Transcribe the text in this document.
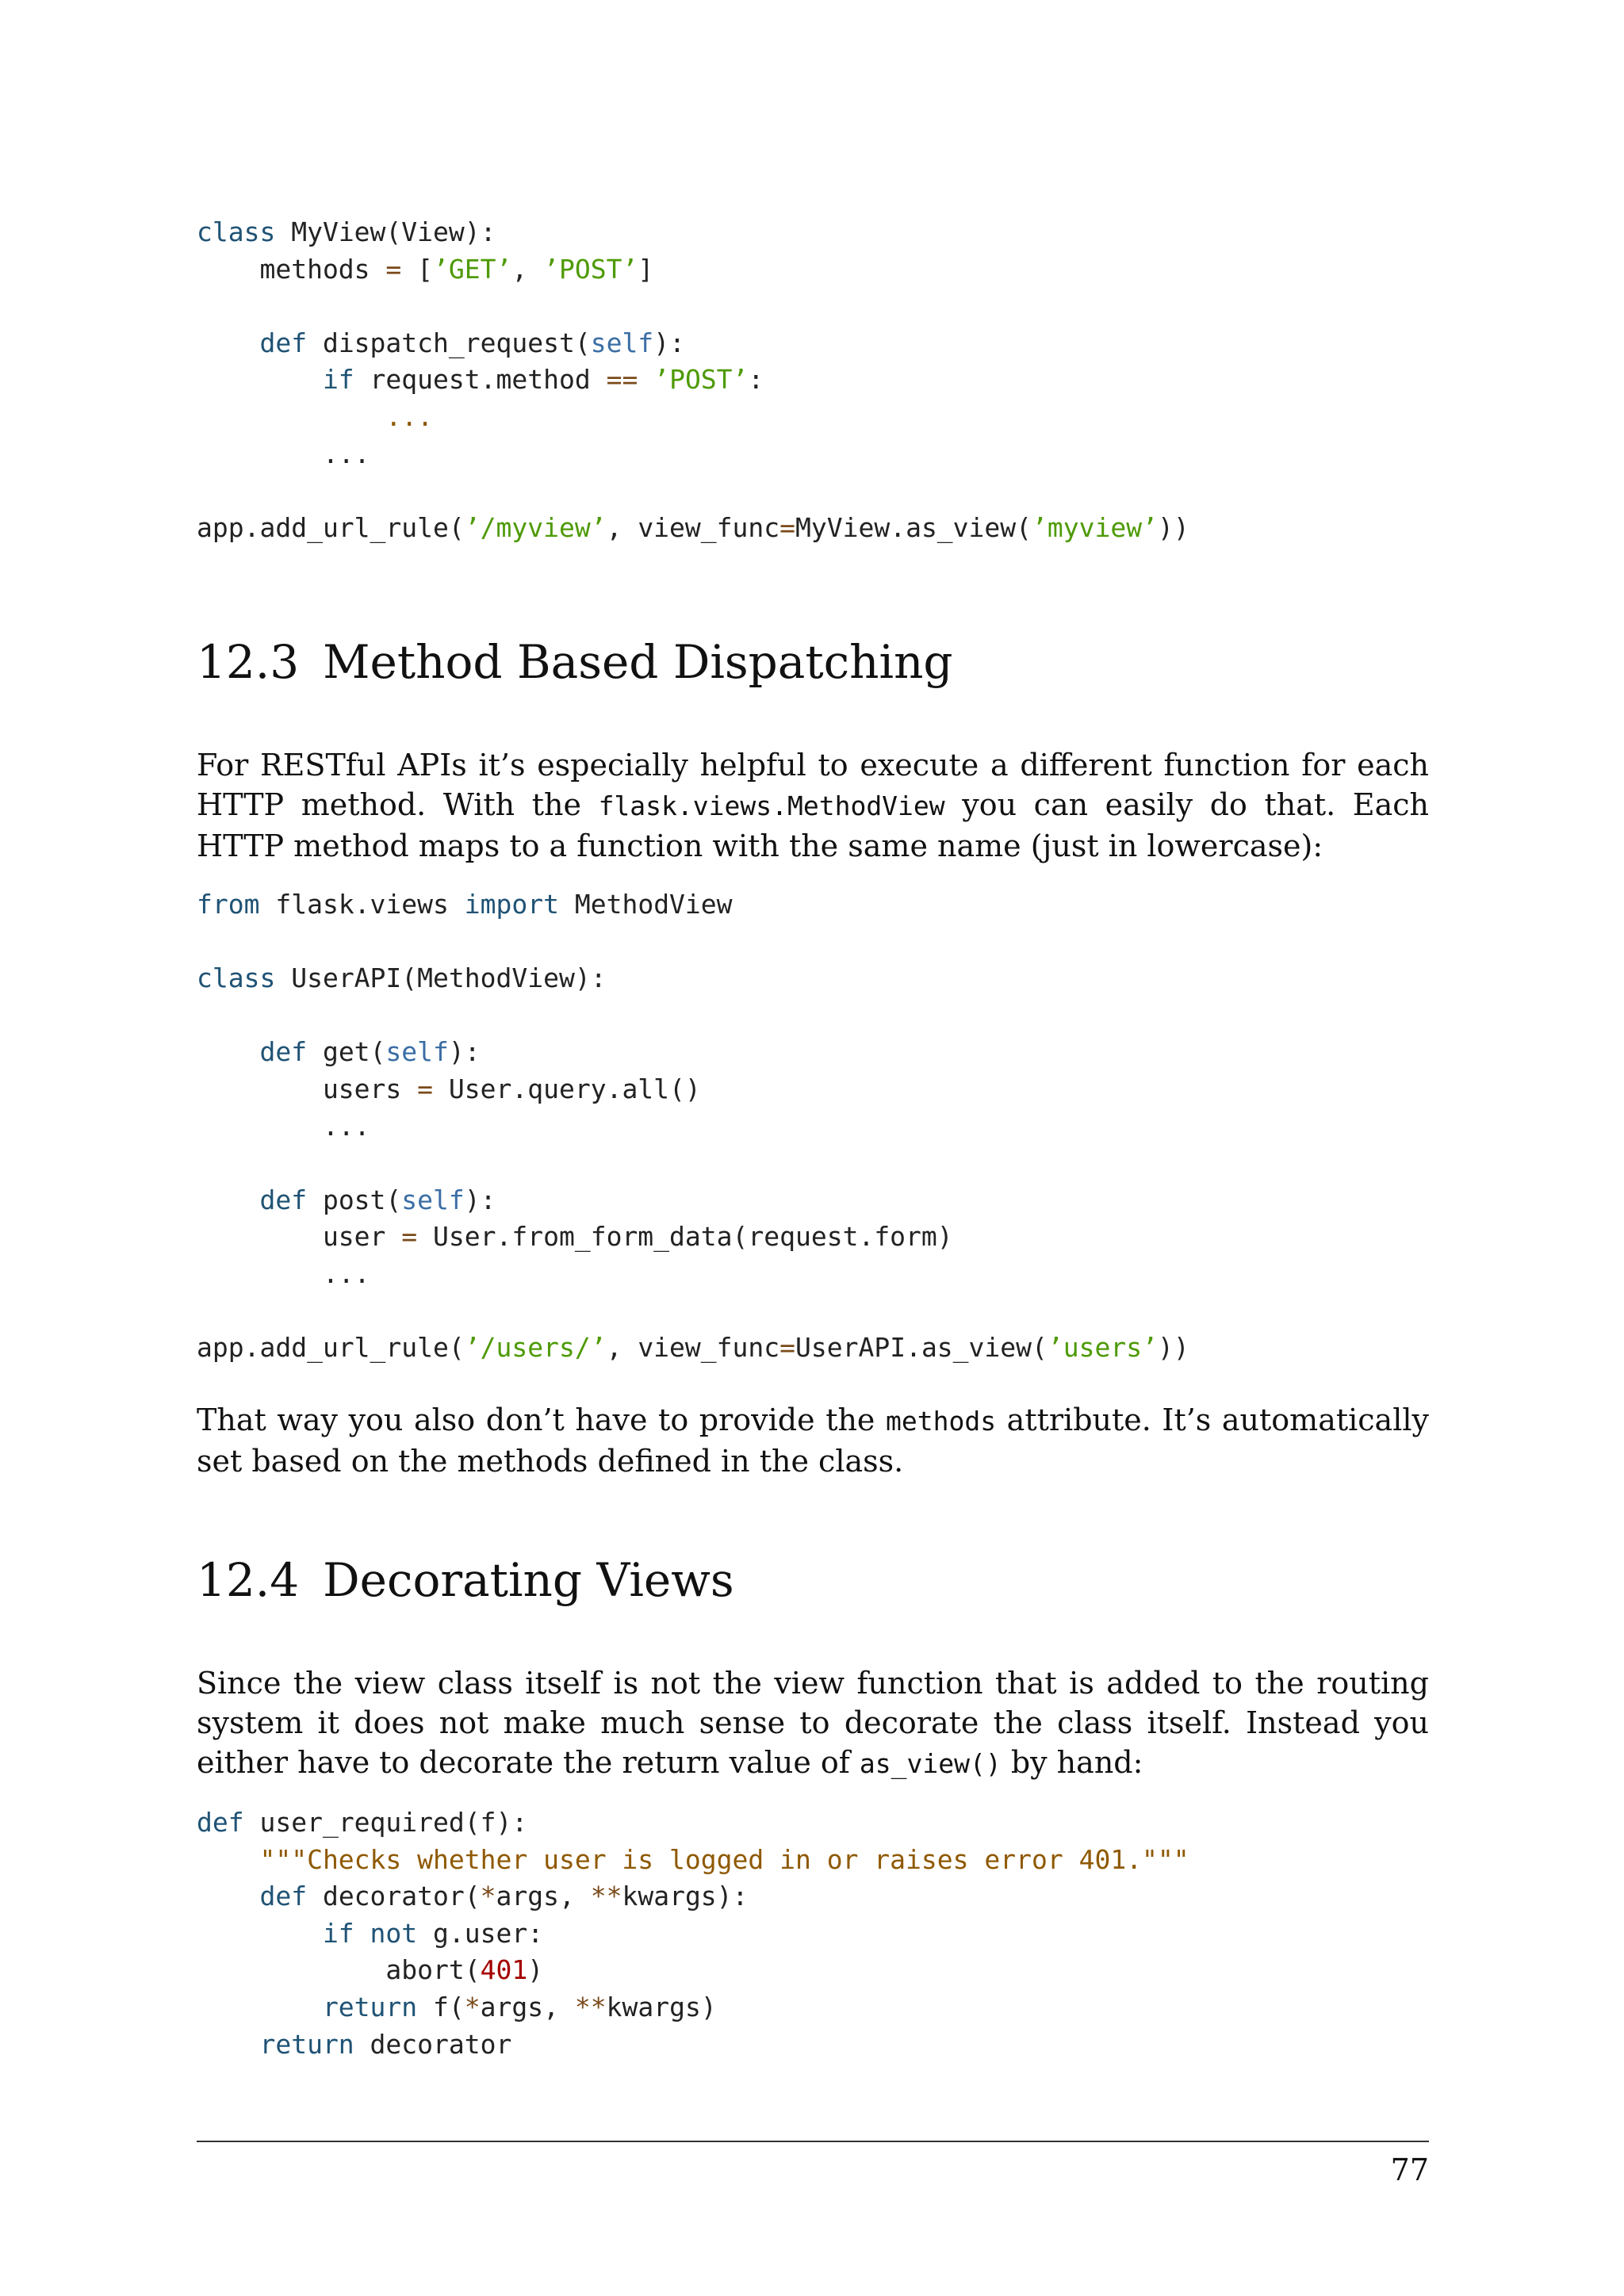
class MyView(View):
methods = [’GET’, ’POST’]

def dispatch_request(self):
if request.method == ’POST’:
...
...

app.add_url_rule(’/myview’, view_func=MyView.as_view(’myview’))
12.3 Method Based Dispatching

For RESTful APIs it’s especially helpful to execute a different function for each HTTP method. With the flask.views.MethodView you can easily do that. Each HTTP method maps to a function with the same name (just in lowercase):

from flask.views import MethodView

class UserAPI(MethodView):

def get(self):
users = User.query.all()
...

def post(self):
user = User.from_form_data(request.form)
...

app.add_url_rule(’/users/’, view_func=UserAPI.as_view(’users’))

That way you also don’t have to provide the methods attribute. It’s automatically set based on the methods defined in the class.

12.4 Decorating Views

Since the view class itself is not the view function that is added to the routing system it does not make much sense to decorate the class itself. Instead you either have to decorate the return value of as_view() by hand:

def user_required(f):
"""Checks whether user is logged in or raises error 401."""
def decorator(*args, **kwargs):
if not g.user:
abort(401)
return f(*args, **kwargs)
return decorator
77
